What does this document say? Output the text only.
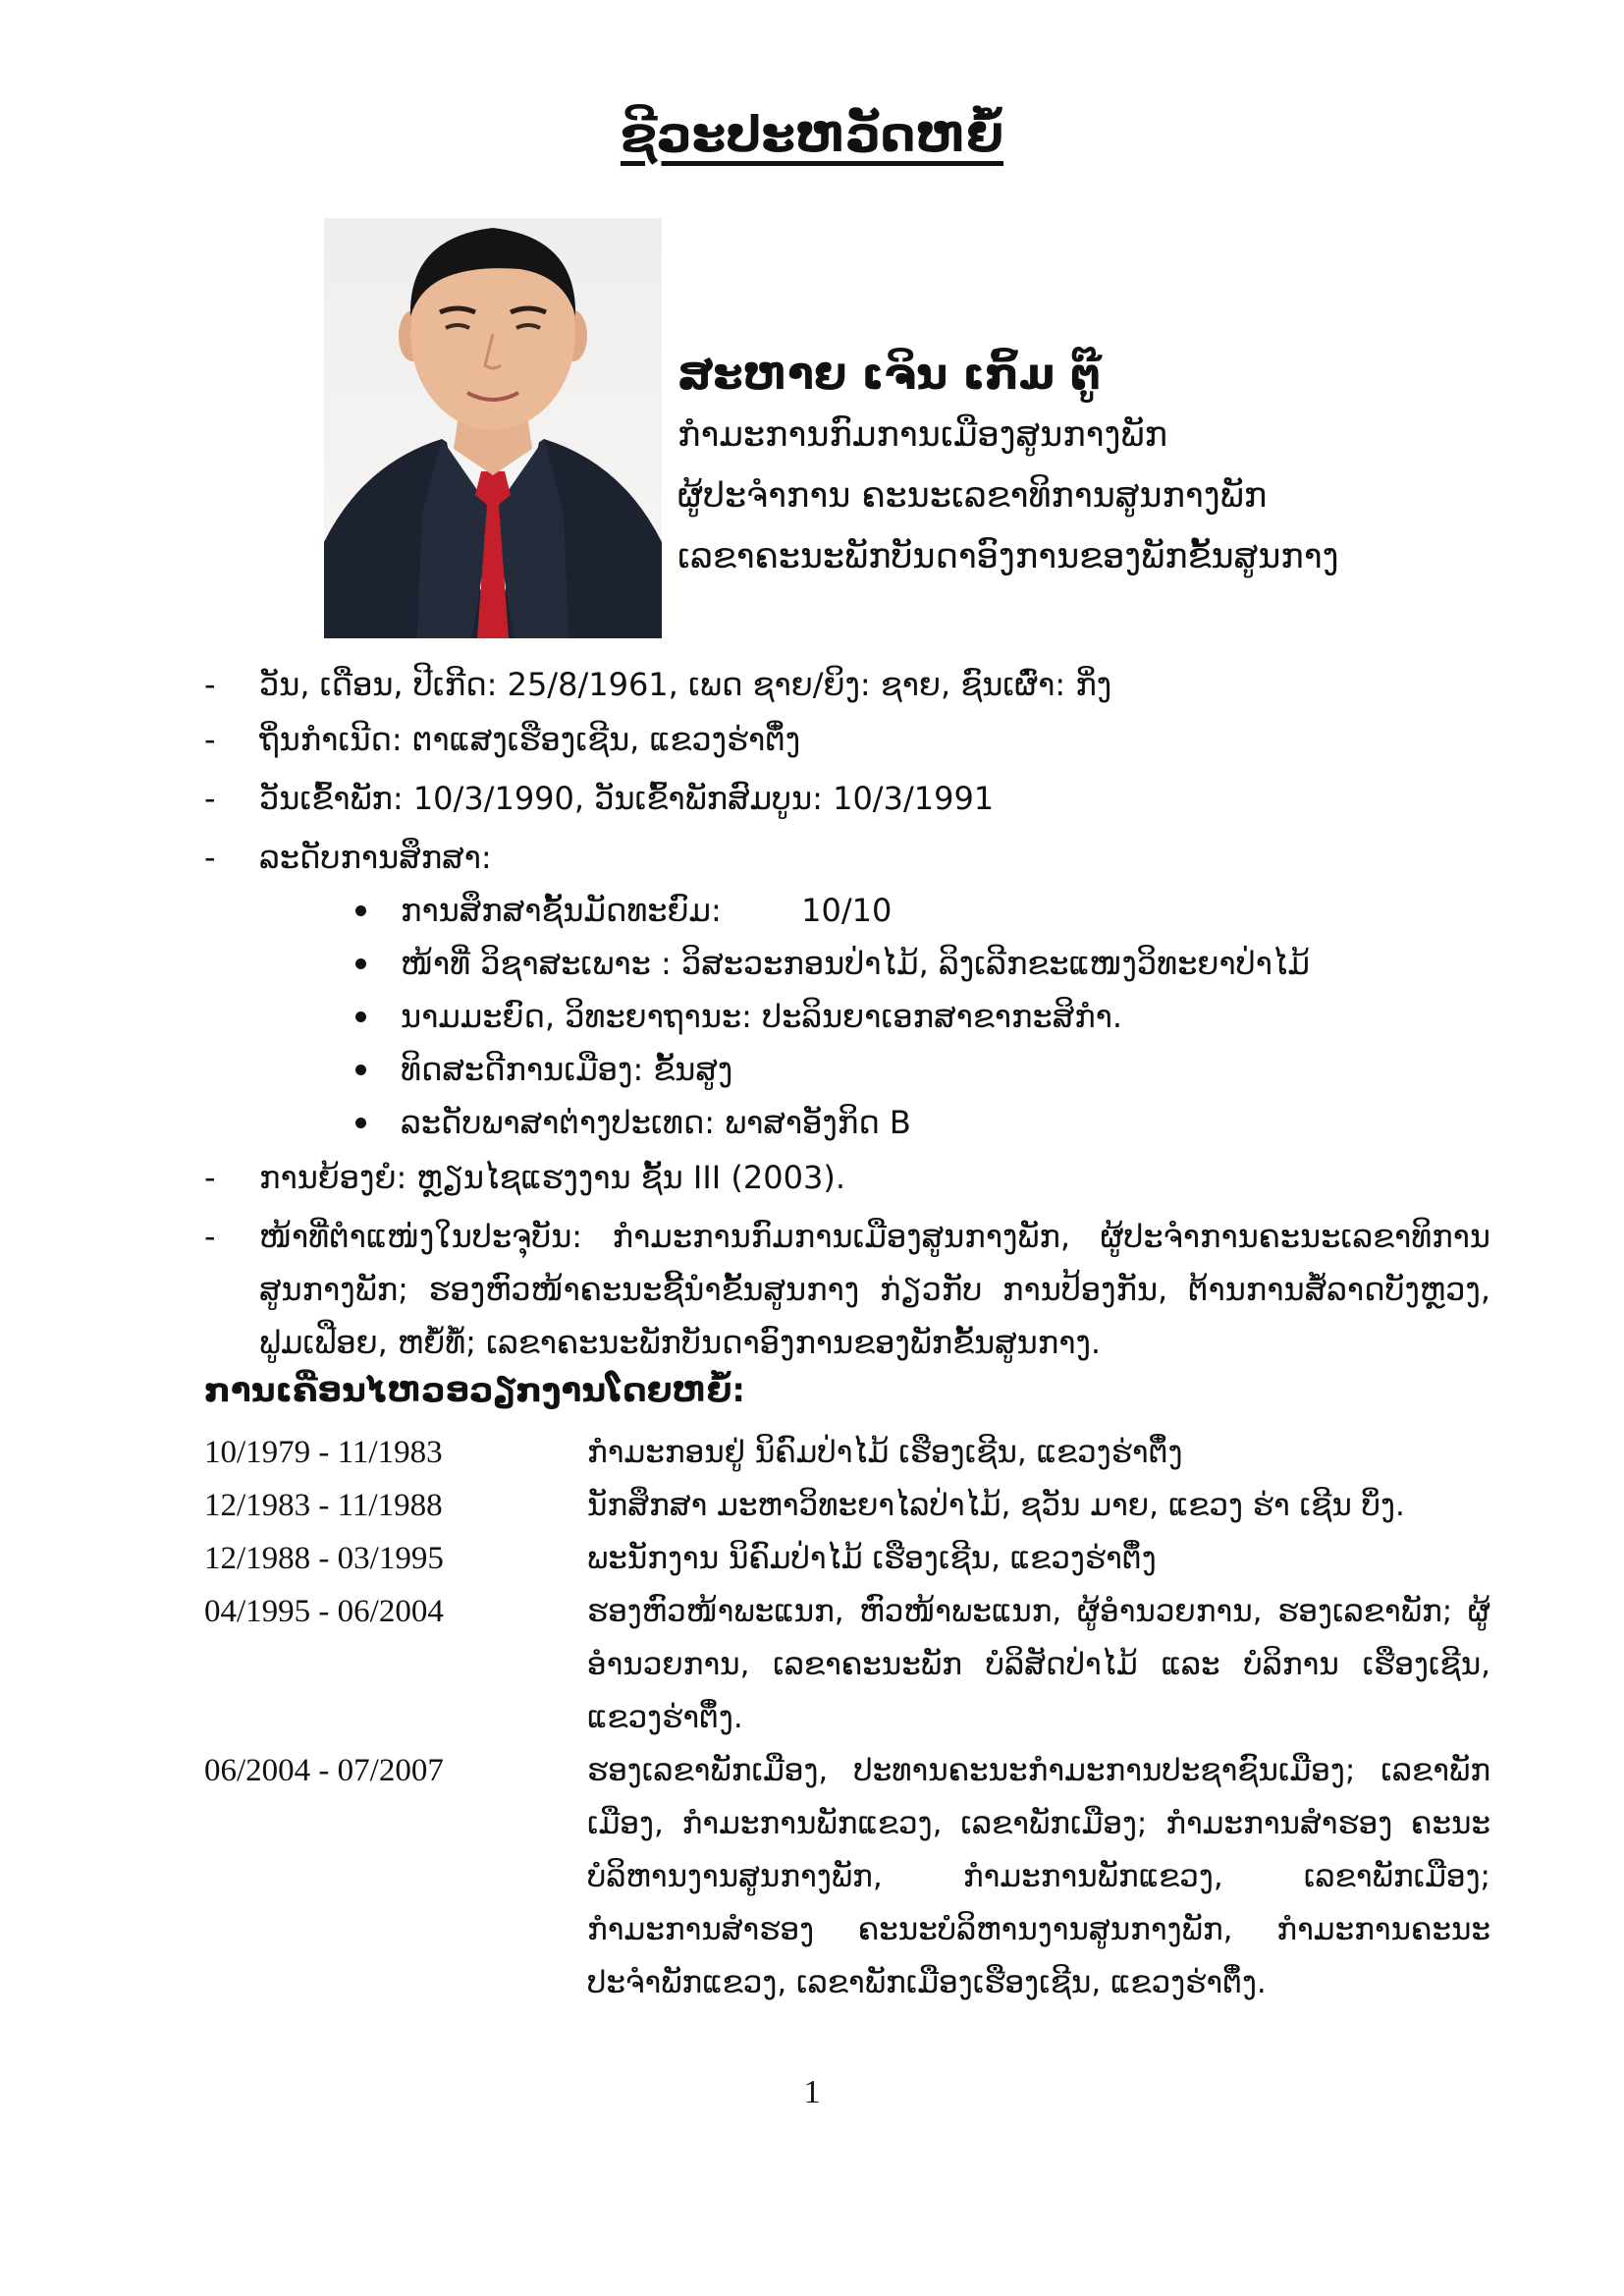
ຊີວະປະຫວັດຫຍໍ້
ສະຫາຍ ເຈິນ ເກິ້ມ ຕູ໊
ກຳມະການກົມການເມືອງສູນກາງພັກ
ຜູ້ປະຈຳການ ຄະນະເລຂາທິການສູນກາງພັກ
ເລຂາຄະນະພັກບັນດາອົງການຂອງພັກຂັ້ນສູນກາງ
- ວັນ, ເດືອນ, ປີເກີດ: 25/8/1961, ເພດ ຊາຍ/ຍິງ: ຊາຍ, ຊົນເຜົ່າ: ກິ່ງ
- ຖິ່ນກຳເນີດ: ຕາແສງເຮືອງເຊີນ, ແຂວງຮ່າຕິ໋ງ
- ວັນເຂົ້າພັກ: 10/3/1990, ວັນເຂົ້າພັກສົມບູນ: 10/3/1991
- ລະດັບການສຶກສາ:
ການສຶກສາຊັ້ນມັດທະຍົມ:        10/10
ໜ້າທີ່ ວິຊາສະເພາະ : ວິສະວະກອນປ່າໄມ້, ລິງເລີກຂະແໜງວິທະຍາປ່າໄມ້
ນາມມະຍົດ, ວິທະຍາຖານະ: ປະລິນຍາເອກສາຂາກະສິກຳ.
ທິດສະດີການເມືອງ: ຂັ້ນສູງ
ລະດັບພາສາຕ່າງປະເທດ: ພາສາອັງກິດ B
- ການຍ້ອງຍໍ: ຫຼຽນໄຊແຮງງານ ຊັ້ນ III (2003).
- ໜ້າທີ່ຕຳແໜ່ງໃນປະຈຸບັນ: ກຳມະການກົມການເມືອງສູນກາງພັກ, ຜູ້ປະຈຳການຄະນະເລຂາທິການສູນກາງພັກ; ຮອງຫົວໜ້າຄະນະຊີ້ນຳຂັ້ນສູນກາງ ກ່ຽວກັບ ການປ້ອງກັນ, ຕ້ານການສໍ້ລາດບັງຫຼວງ, ຟູມເຟືອຍ, ຫຍໍ້ທໍ້; ເລຂາຄະນະພັກບັນດາອົງການຂອງພັກຂັ້ນສູນກາງ.
ການເຄື່ອນໄຫວອວຽກງານໂດຍຫຍໍ້:
10/1979 - 11/1983	ກຳມະກອນຢູ່ ນິຄົມປ່າໄມ້ ເຮືອງເຊີນ, ແຂວງຮ່າຕິ໋ງ
12/1983 - 11/1988	ນັກສຶກສາ ມະຫາວິທະຍາໄລປ່າໄມ້, ຊວັນ ມາຍ, ແຂວງ ຮ່າ ເຊີນ ບິ່ງ.
12/1988 - 03/1995	ພະນັກງານ ນິຄົມປ່າໄມ້ ເຮືອງເຊີນ, ແຂວງຮ່າຕິ໋ງ
04/1995 - 06/2004	ຮອງຫົວໜ້າພະແນກ, ຫົວໜ້າພະແນກ, ຜູ້ອຳນວຍການ, ຮອງເລຂາພັກ; ຜູ້ອຳນວຍການ, ເລຂາຄະນະພັກ ບໍລິສັດປ່າໄມ້ ແລະ ບໍລິການ ເຮືອງເຊີນ, ແຂວງຮ່າຕິ໋ງ.
06/2004 - 07/2007	ຮອງເລຂາພັກເມືອງ, ປະທານຄະນະກຳມະການປະຊາຊົນເມືອງ; ເລຂາພັກເມືອງ, ກຳມະການພັກແຂວງ, ເລຂາພັກເມືອງ; ກຳມະການສຳຮອງ ຄະນະບໍລິຫານງານສູນກາງພັກ, ກຳມະການພັກແຂວງ, ເລຂາພັກເມືອງ; ກຳມະການສຳຮອງ ຄະນະບໍລິຫານງານສູນກາງພັກ, ກຳມະການຄະນະປະຈຳພັກແຂວງ, ເລຂາພັກເມືອງເຮືອງເຊີນ, ແຂວງຮ່າຕິ໋ງ.
1
